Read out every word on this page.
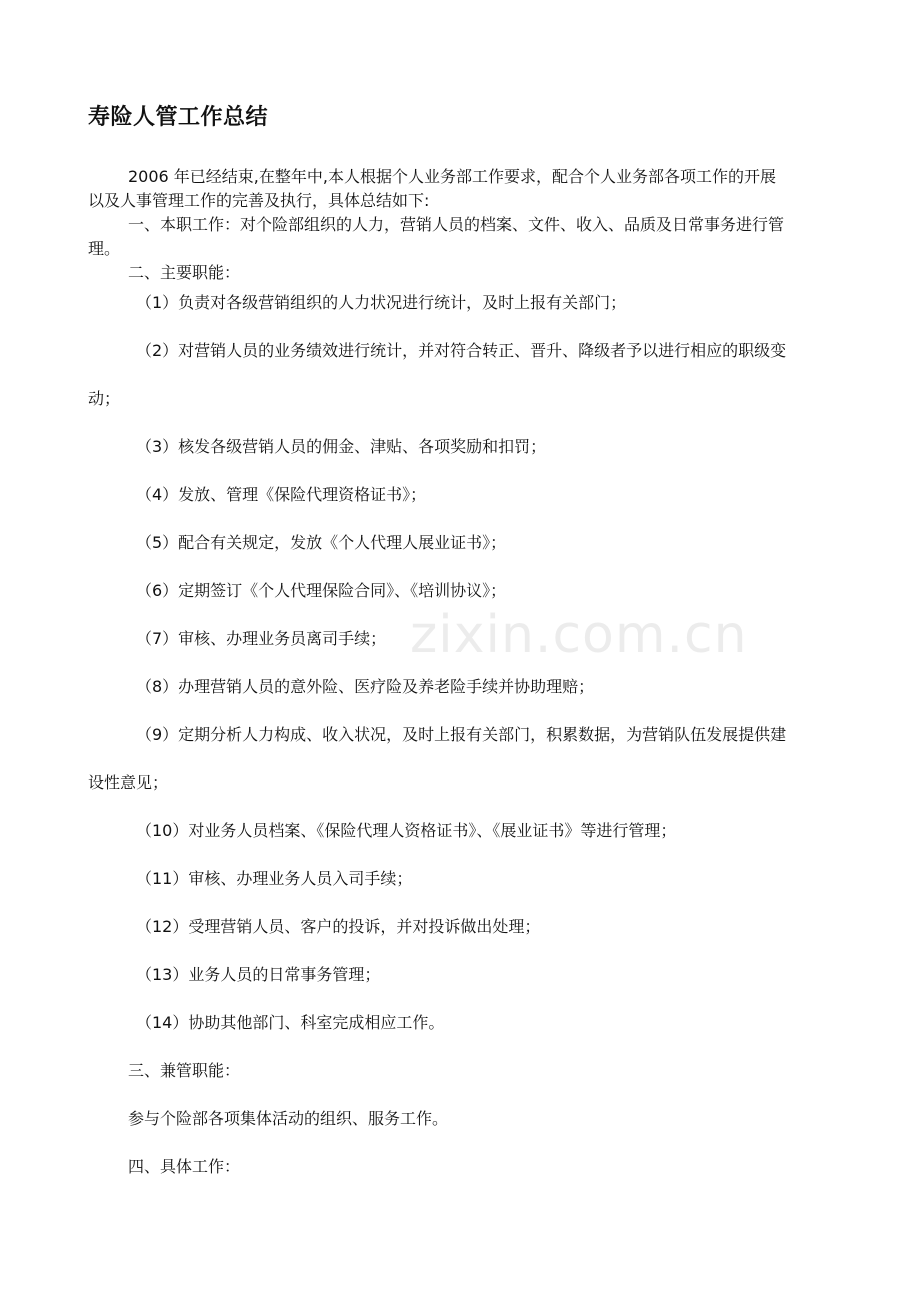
寿险人管工作总结

2006 年已经结束,在整年中,本人根据个人业务部工作要求，配合个人业务部各项工作的开展以及人事管理工作的完善及执行，具体总结如下:

一、本职工作：对个险部组织的人力，营销人员的档案、文件、收入、品质及日常事务进行管理。

二、主要职能：

（1）负责对各级营销组织的人力状况进行统计，及时上报有关部门；

（2）对营销人员的业务绩效进行统计，并对符合转正、晋升、降级者予以进行相应的职级变动；

（3）核发各级营销人员的佣金、津贴、各项奖励和扣罚；

（4）发放、管理《保险代理资格证书》；

（5）配合有关规定，发放《个人代理人展业证书》；

（6）定期签订《个人代理保险合同》、《培训协议》；

（7）审核、办理业务员离司手续；

（8）办理营销人员的意外险、医疗险及养老险手续并协助理赔；

（9）定期分析人力构成、收入状况，及时上报有关部门，积累数据，为营销队伍发展提供建设性意见；

（10）对业务人员档案、《保险代理人资格证书》、《展业证书》等进行管理；

（11）审核、办理业务人员入司手续；

（12）受理营销人员、客户的投诉，并对投诉做出处理；

（13）业务人员的日常事务管理；

（14）协助其他部门、科室完成相应工作。

三、兼管职能：

参与个险部各项集体活动的组织、服务工作。

四、具体工作：

zixin.com.cn
